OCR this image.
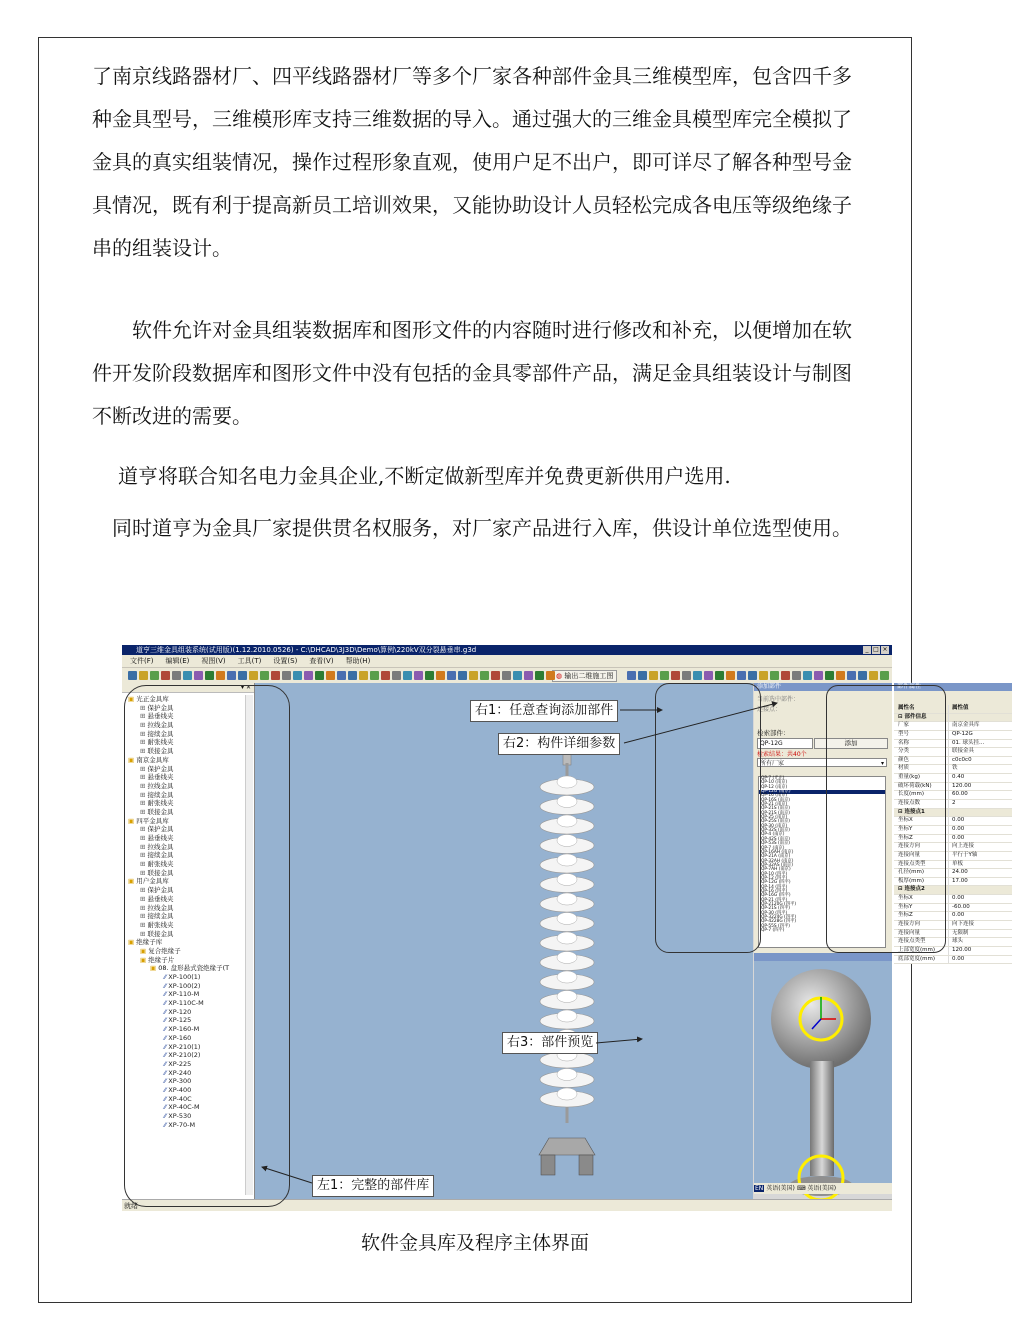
了南京线路器材厂、四平线路器材厂等多个厂家各种部件金具三维模型库，包含四千多种金具型号，三维模形库支持三维数据的导入。通过强大的三维金具模型库完全模拟了金具的真实组装情况，操作过程形象直观，使用户足不出户，即可详尽了解各种型号金具情况，既有利于提高新员工培训效果，又能协助设计人员轻松完成各电压等级绝缘子串的组装设计。

软件允许对金具组装数据库和图形文件的内容随时进行修改和补充，以便增加在软件开发阶段数据库和图形文件中没有包括的金具零部件产品，满足金具组装设计与制图不断改进的需要。

道亨将联合知名电力金具企业,不断定做新型库并免费更新供用户选用.

同时道亨为金具厂家提供贯名权服务，对厂家产品进行入库，供设计单位选型使用。

道亨三维金具组装系统(试用版)(1.12.2010.0526) - C:\DHCAD\3J3D\Demo\算例\220kV双分裂悬垂串.g3d	_ □ ×
文件(F) 编辑(E) 视图(V) 工具(T) 设置(S) 查看(V) 帮助(H)
◍ 输出二维施工图
▾ ✕
▣ 光正金具库
⊞ 保护金具
⊞ 悬垂线夹
⊞ 拉线金具
⊞ 接续金具
⊞ 耐张线夹
⊞ 联接金具
▣ 南京金具库
⊞ 保护金具
⊞ 悬垂线夹
⊞ 拉线金具
⊞ 接续金具
⊞ 耐张线夹
⊞ 联接金具
▣ 四平金具库
⊞ 保护金具
⊞ 悬垂线夹
⊞ 拉线金具
⊞ 接续金具
⊞ 耐张线夹
⊞ 联接金具
▣ 用户金具库
⊞ 保护金具
⊞ 悬垂线夹
⊞ 拉线金具
⊞ 接续金具
⊞ 耐张线夹
⊞ 联接金具
▣ 绝缘子库
▣ 复合绝缘子
▣ 绝缘子片
▣ 08. 盘形悬式瓷绝缘子(T
⁄⁄ XP-100(1)
⁄⁄ XP-100(2)
⁄⁄ XP-110-M
⁄⁄ XP-110C-M
⁄⁄ XP-120
⁄⁄ XP-125
⁄⁄ XP-160-M
⁄⁄ XP-160
⁄⁄ XP-210(1)
⁄⁄ XP-210(2)
⁄⁄ XP-225
⁄⁄ XP-240
⁄⁄ XP-300
⁄⁄ XP-400
⁄⁄ XP-40C
⁄⁄ XP-40C-M
⁄⁄ XP-530
⁄⁄ XP-70-M
添加部件
当前选中部件：
连接点：
检索部件：
QP-12G	添加
检索结果：共40个
所有厂家	▾
QP-7 (光正)
QP-10 (南京)
QP-12 (南京)
QP-12G (南京)
QP-16 (南京)
QP-16S (南京)
QP-21 (南京)
QP-21S (南京)
QP-21S (南京)
QP-25 (南京)
QP-25S (南京)
QP-30 (南京)
QP-32S (南京)
QP-4 (南京)
QP-42S (南京)
QP-53S (南京)
QP-7 (南京)
QP-16AH (南京)
QP-21A (南京)
QP-32AH (南京)
QP-32AS (南京)
QP-7AH (南京)
QP-10 (四平)
QP-12 (四平)
QP-12G (四平)
QP-14 (四平)
QP-16 (四平)
QP-16G (四平)
QP-21 (四平)
QP-2120G (四平)
QP-21S (四平)
QP-30 (四平)
QP-3224G (四平)
QP-4228G (四平)
QP-55S (四平)
QP-7 (四平)
部件属性
属性名	属性值
⊟ 部件信息
厂家	南京金具库
型号	QP-12G
名称	01. 球头挂...
分类	联接金具
颜色	c0c0c0
材质	铁
重量(kg)	0.40
破坏荷载(kN)	120.00
长度(mm)	60.00
连接点数	2
⊟ 连接点1
坐标X	0.00
坐标Y	0.00
坐标Z	0.00
连接方向	向上连接
连接向量	平行于Y轴
连接点类型	单板
孔径(mm)	24.00
板厚(mm)	17.00
⊟ 连接点2
坐标X	0.00
坐标Y	-60.00
坐标Z	0.00
连接方向	向下连接
连接向量	无限制
连接点类型	球头
上部宽度(mm)	120.00
底部宽度(mm)	0.00
EN 英语(美国) ⌨ 英语(美国)
就绪
右1：任意查询添加部件
右2：构件详细参数
右3：部件预览
左1：完整的部件库
软件金具库及程序主体界面
